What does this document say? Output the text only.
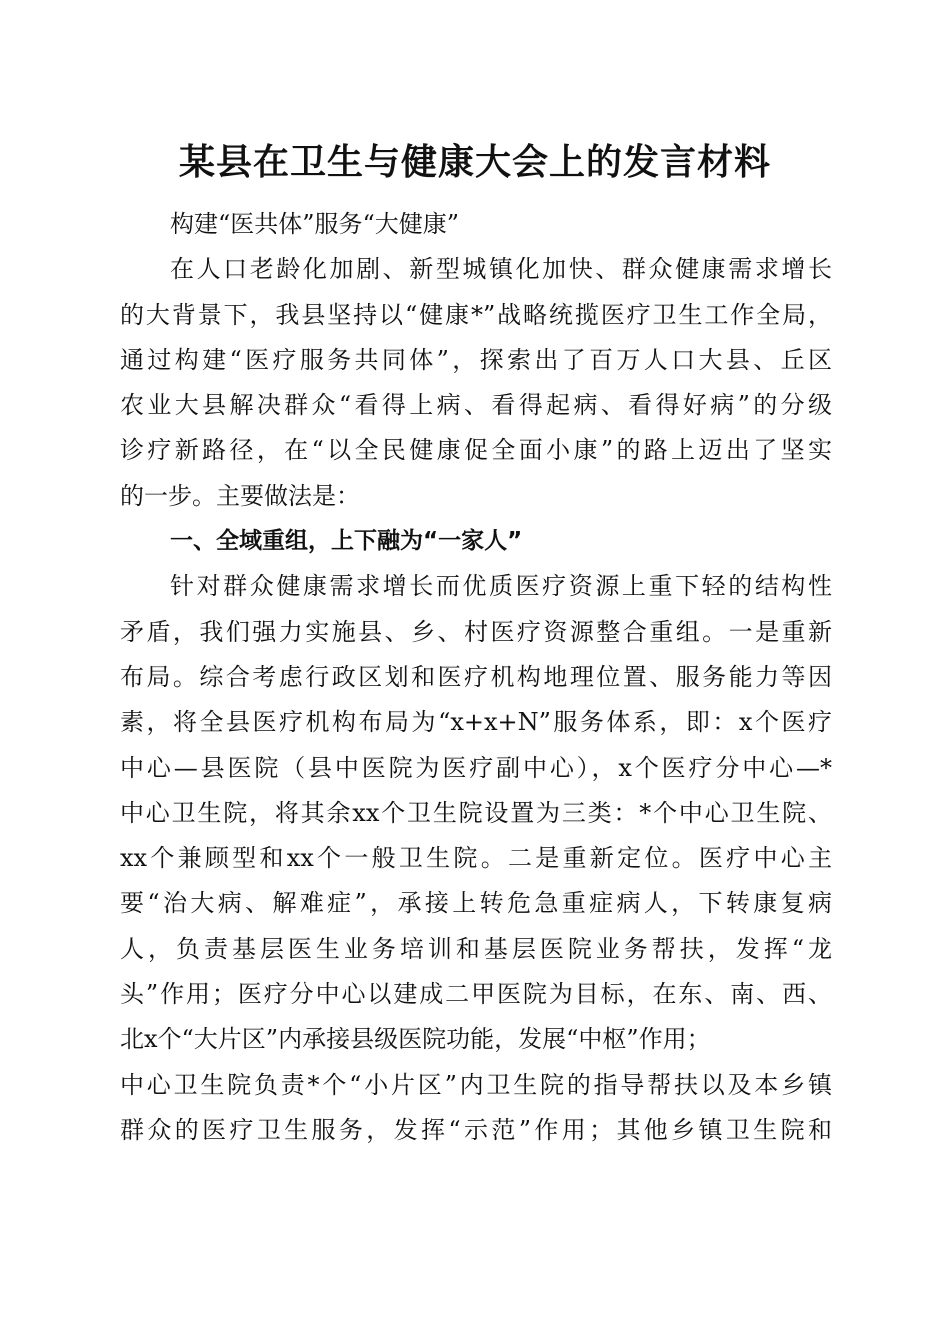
某县在卫生与健康大会上的发言材料

构建“医共体”服务“大健康”

在人口老龄化加剧、新型城镇化加快、群众健康需求增长

的大背景下，我县坚持以“健康*”战略统揽医疗卫生工作全局，

通过构建“医疗服务共同体”，探索出了百万人口大县、丘区

农业大县解决群众“看得上病、看得起病、看得好病”的分级

诊疗新路径，在“以全民健康促全面小康”的路上迈出了坚实

的一步。主要做法是：

一、全域重组，上下融为“一家人”

针对群众健康需求增长而优质医疗资源上重下轻的结构性

矛盾，我们强力实施县、乡、村医疗资源整合重组。一是重新

布局。综合考虑行政区划和医疗机构地理位置、服务能力等因

素，将全县医疗机构布局为“x+x+N”服务体系，即：x个医疗

中心—县医院（县中医院为医疗副中心），x个医疗分中心—*

中心卫生院，将其余xx个卫生院设置为三类：*个中心卫生院、

xx个兼顾型和xx个一般卫生院。二是重新定位。医疗中心主

要“治大病、解难症”，承接上转危急重症病人，下转康复病

人，负责基层医生业务培训和基层医院业务帮扶，发挥“龙

头”作用；医疗分中心以建成二甲医院为目标，在东、南、西、

北x个“大片区”内承接县级医院功能，发展“中枢”作用；

中心卫生院负责*个“小片区”内卫生院的指导帮扶以及本乡镇

群众的医疗卫生服务，发挥“示范”作用；其他乡镇卫生院和
